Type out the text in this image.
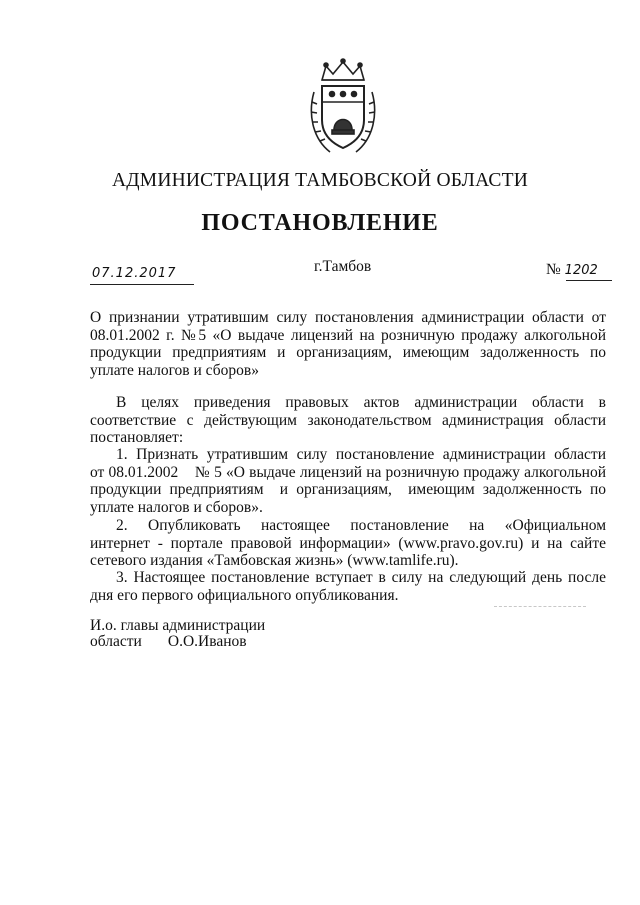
АДМИНИСТРАЦИЯ ТАМБОВСКОЙ ОБЛАСТИ
ПОСТАНОВЛЕНИЕ
07.12.2017	г.Тамбов	№ 1202

О признании утратившим силу постановления администрации области от

08.01.2002 г. №5 «О выдаче лицензий на розничную продажу алкогольной

продукции предприятиям и организациям, имеющим задолженность по

уплате налогов и сборов»

В целях приведения правовых актов администрации области в

соответствие с действующим законодательством администрация области

постановляет:

1. Признать утратившим силу постановление администрации области

от 08.01.2002    № 5 «О выдаче лицензий на розничную продажу алкогольной

продукции предприятиям  и организациям,  имеющим задолженность по

уплате налогов и сборов».

2. Опубликовать настоящее постановление на «Официальном

интернет - портале правовой информации» (www.pravo.gov.ru) и на сайте

сетевого издания «Тамбовская жизнь» (www.tamlife.ru).

3. Настоящее постановление вступает в силу на следующий день после

дня его первого официального опубликования.

И.о. главы администрации
области О.О.Иванов
